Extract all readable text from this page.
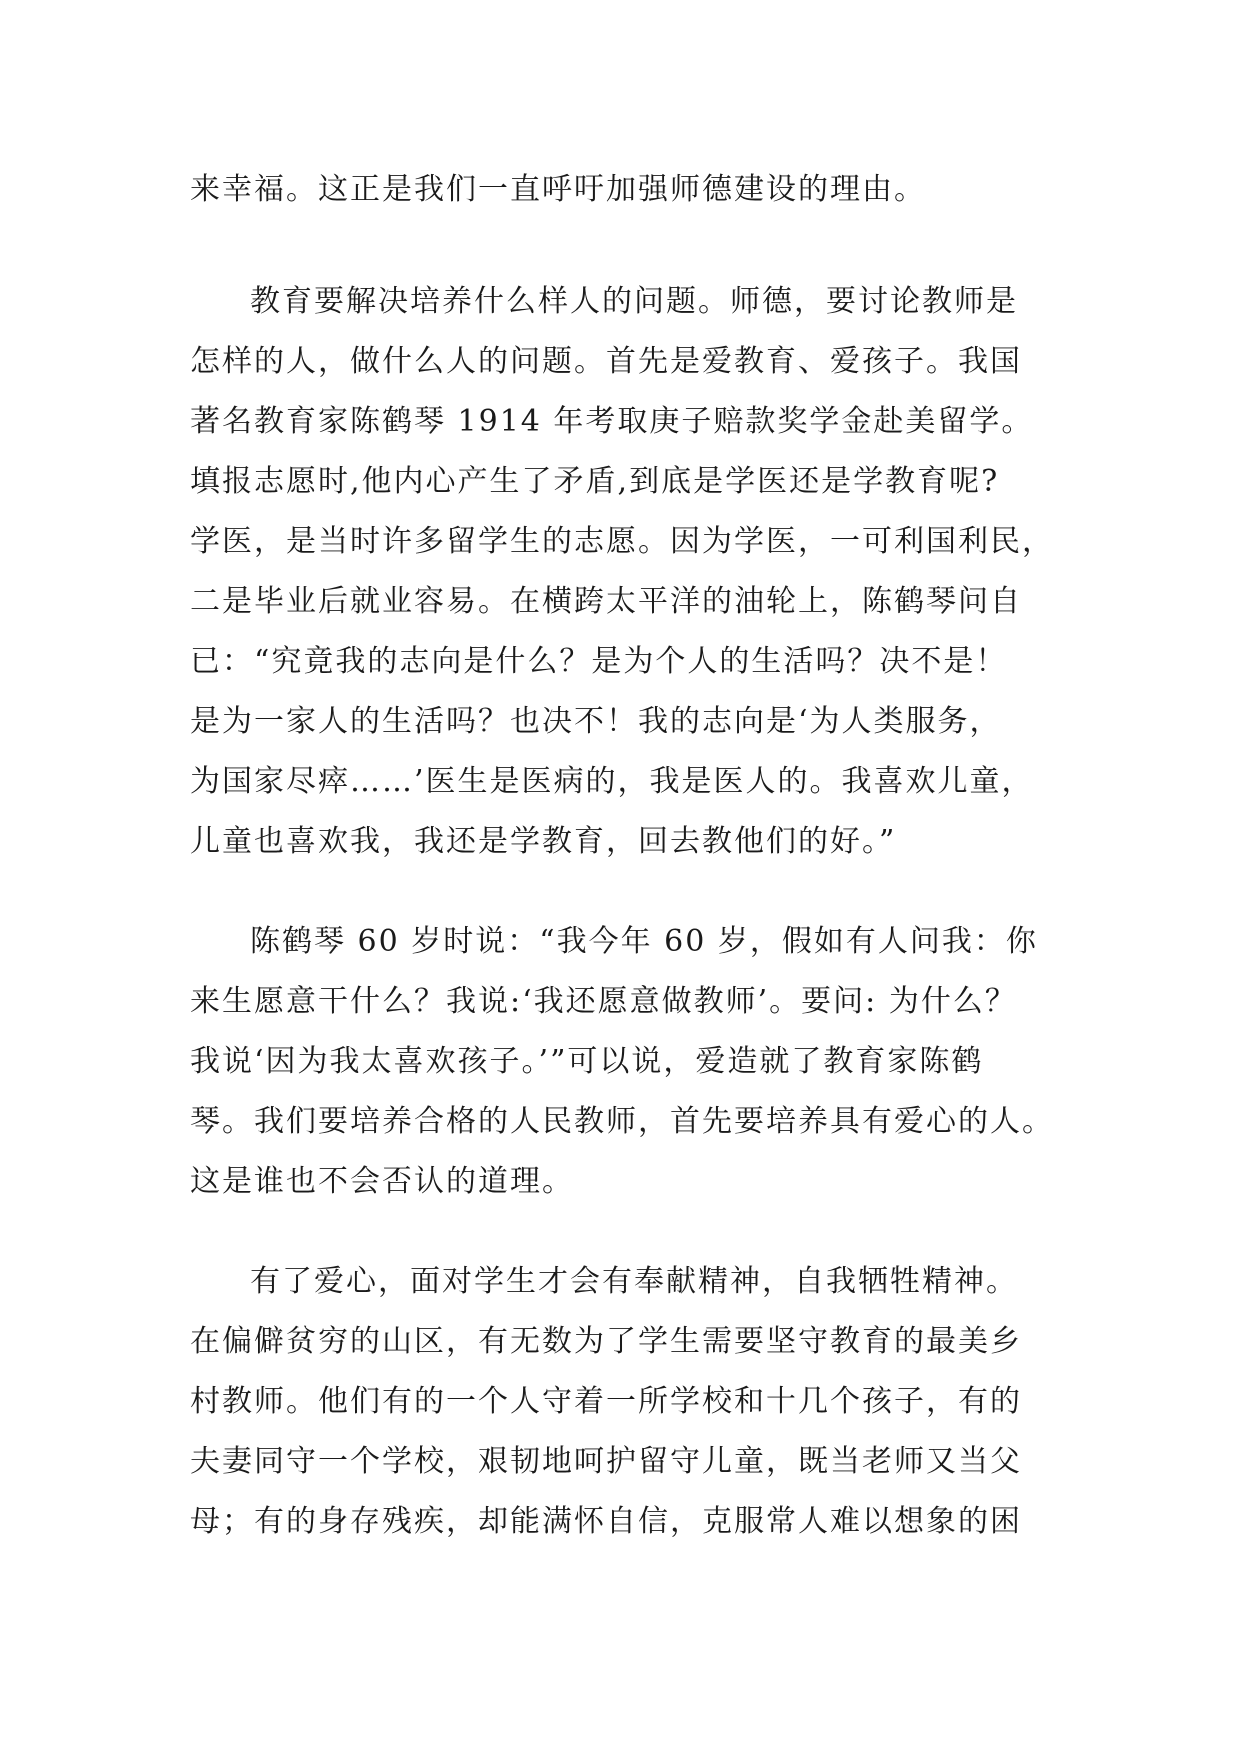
来幸福。这正是我们一直呼吁加强师德建设的理由。
教育要解决培养什么样人的问题。师德，要讨论教师是
怎样的人，做什么人的问题。首先是爱教育、爱孩子。我国
著名教育家陈鹤琴 1914 年考取庚子赔款奖学金赴美留学。
填报志愿时,他内心产生了矛盾,到底是学医还是学教育呢?
学医，是当时许多留学生的志愿。因为学医，一可利国利民，
二是毕业后就业容易。在横跨太平洋的油轮上，陈鹤琴问自
已：“究竟我的志向是什么？是为个人的生活吗？决不是！
是为一家人的生活吗？也决不！我的志向是‘为人类服务，
为国家尽瘁……’医生是医病的，我是医人的。我喜欢儿童，
儿童也喜欢我，我还是学教育，回去教他们的好。”
陈鹤琴 60 岁时说：“我今年 60 岁，假如有人问我：你
来生愿意干什么？我说:‘我还愿意做教师’。要问: 为什么？
我说‘因为我太喜欢孩子。’”可以说，爱造就了教育家陈鹤
琴。我们要培养合格的人民教师，首先要培养具有爱心的人。
这是谁也不会否认的道理。
有了爱心，面对学生才会有奉献精神，自我牺牲精神。
在偏僻贫穷的山区，有无数为了学生需要坚守教育的最美乡
村教师。他们有的一个人守着一所学校和十几个孩子，有的
夫妻同守一个学校，艰韧地呵护留守儿童，既当老师又当父
母；有的身存残疾，却能满怀自信，克服常人难以想象的困
